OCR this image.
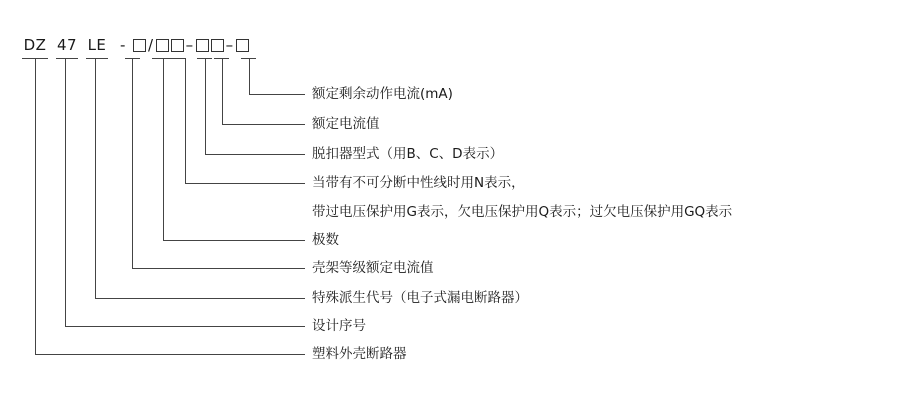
DZ 47 LE - / – –
额定剩余动作电流(mA)
额定电流值
脱扣器型式（用B、C、D表示）
当带有不可分断中性线时用N表示，
带过电压保护用G表示，欠电压保护用Q表示；过欠电压保护用GQ表示
极数
壳架等级额定电流值
特殊派生代号（电子式漏电断路器）
设计序号
塑料外壳断路器
